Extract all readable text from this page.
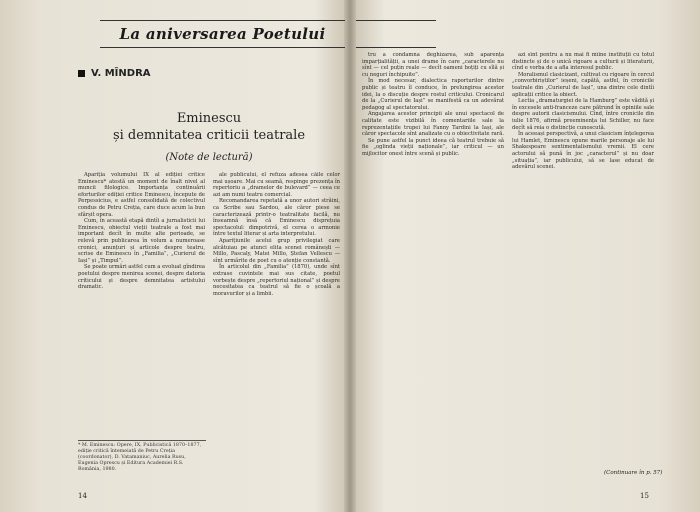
La aniversarea Poetului
V. MÎNDRA
Eminescu
și demnitatea criticii teatrale
(Note de lectură)

Apariția volumului IX al ediției critice Eminescu* atestă un moment de înalt nivel al muncii filologice. Importanța continuării eforturilor ediției critice Eminescu, începute de Perpessicius, e astfel consolidată de colectivul condus de Petru Creția, care duce acum la bun sfârșit opera.

Cum, în această etapă dintîi a jurnalisticii lui Eminescu, obiectul vieții teatrale a fost mai important decît în multe alte perioade, se relevă prin publicarea în volum a numeroase cronici, anunțuri și articole despre teatru, scrise de Eminescu în „Familia”, „Curierul de Iași” și „Timpul”.

Se poate urmări astfel cum a evoluat gîndirea poetului despre menirea scenei, despre datoria criticului și despre demnitatea artistului dramatic.

ale publicului, el refuza adesea căile celor mai ușoare. Mai cu seamă, respinge prezența în repertoriu a „dramelor de bulevard” — ceea ce azi am numi teatru comercial.

Recomandarea repetată a unor autori străini, ca Scribe sau Sardou, ale căror piese se caracterizează printr-o teatralitate facilă, nu înseamnă însă că Eminescu disprețuia spectacolul: dimpotrivă, el cerea o armonie între textul literar și arta interpretului.

Aparițiunile acelui grup privilegiat care alcătuiau pe atunci elita scenei românești — Millo, Pascaly, Matei Millo, Ștefan Vellescu — sînt urmărite de poet cu o atenție constantă.

În articolul din „Familia” (1870), unde sînt extrase cuvintele mai sus citate, poetul vorbește despre „repertoriul național” și despre necesitatea ca teatrul să fie o școală a moravurilor și a limbii.

* M. Eminescu: Opere, IX, Publicistică 1870–1877, ediție critică întemeiată de Petru Creția (coordonator), D. Vatamaniuc, Aurelia Rusu, Eugenia Oprescu și Editura Academiei R.S. România, 1980.

tru a condamna deghizarea, sub aparența imparțialității, a unei drame în care „caracterele nu sînt — cel puțin reale — decît oameni boțiți cu sîlă și cu neguri închipuite”.

În mod necesar, dialectica raporturilor dintre public și teatru îl conduce, în prelungirea acestor idei, la o discuție despre rostul criticului. Cronicarul de la „Curierul de Iași” se manifestă ca un adevărat pedagog al spectatorului.

Angajarea acestor principii ale unui spectacol de calitate este vizibilă în comentariile sale la reprezentațiile trupei lui Fanny Tardini la Iași, ale căror spectacole sînt analizate cu o obiectivitate rară.

Se pune astfel la punct ideea că teatrul trebuie să fie „oglinda vieții naționale”, iar criticul — un mijlocitor onest între scenă și public.

azi sînt pentru a nu mai fi mîine instituții cu totul distincte și de o unică rigoare a culturii și literaturii, cînd e vorba de a afla interesul public.

Moralismul clasicizant, cultivat cu rigoare în cercul „convorbiriștilor” ieșeni, capătă, astfel, în cronicile teatrale din „Curierul de Iași”, una dintre cele dintîi aplicații critice la obiect.

Lectia „dramaturgiei de la Hamburg” este vădită și în excesele anti-franceze care pătrund în opiniile sale despre autorii clasicismului. Cînd, între cronicile din iulie 1876, afirmă preeminența lui Schiller, nu face decît să reia o distincție cunoscută.

În aceeași perspectivă, a unui clasicism înțelegerea lui Hamlet, Eminescu opune marile personaje ale lui Shakespeare sentimentalismului vremii. El cere actorului să pună în joc „caracterul” și nu doar „situația”, iar publicului, să se lase educat de adevărul scenei.

(Continuare în p. 57)
14	15
